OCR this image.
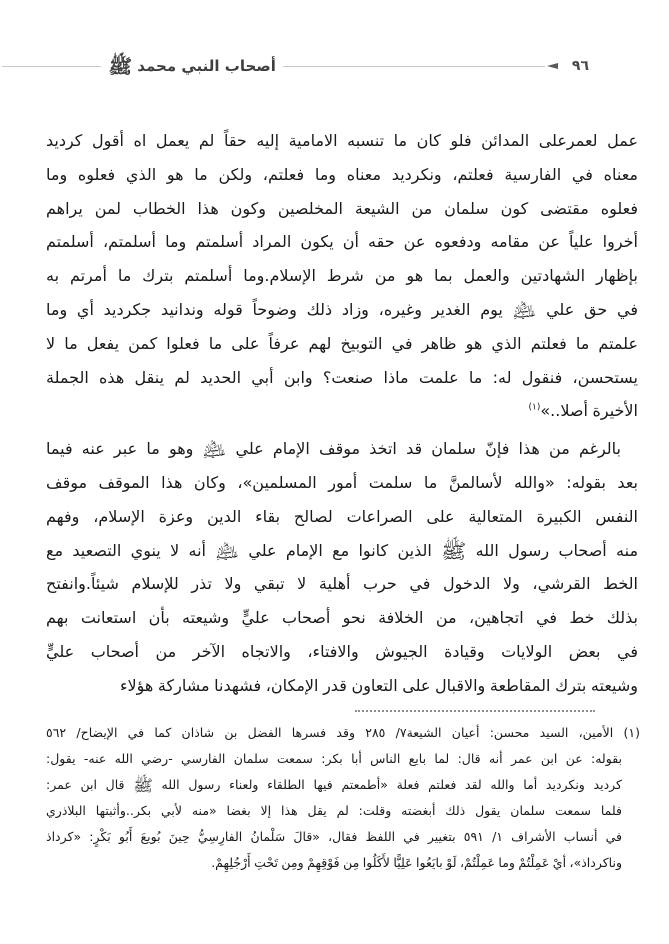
٩٦
أصحاب النبي محمد ﷺ
عمل لعمرعلى المدائن فلو كان ما تنسبه الامامية إليه حقاً لم يعمل اه أقول كرديد
معناه في الفارسية فعلتم، ونكرديد معناه وما فعلتم، ولكن ما هو الذي فعلوه وما
فعلوه مقتضى كون سلمان من الشيعة المخلصين وكون هذا الخطاب لمن يراهم
أخروا علياً عن مقامه ودفعوه عن حقه أن يكون المراد أسلمتم وما أسلمتم، أسلمتم
بإظهار الشهادتين والعمل بما هو من شرط الإسلام.وما أسلمتم بترك ما أمرتم به
في حق علي ﵇ يوم الغدير وغيره، وزاد ذلك وضوحاً قوله وندانيد جكرديد أي وما
علمتم ما فعلتم الذي هو ظاهر في التوبيخ لهم عرفاً على ما فعلوا كمن يفعل ما لا
يستحسن، فنقول له: ما علمت ماذا صنعت؟ وابن أبي الحديد لم ينقل هذه الجملة
الأخيرة أصلا..»$^{(١)}$
بالرغم من هذا فإنّ سلمان قد اتخذ موقف الإمام علي ﵇ وهو ما عبر عنه فيما
بعد بقوله: «والله لأسالمنَّ ما سلمت أمور المسلمين»، وكان هذا الموقف موقف
النفس الكبيرة المتعالية على الصراعات لصالح بقاء الدين وعزة الإسلام، وفهم
منه أصحاب رسول الله ﷺ الذين كانوا مع الإمام علي ﵇ أنه لا ينوي التصعيد مع
الخط القرشي، ولا الدخول في حرب أهلية لا تبقي ولا تذر للإسلام شيئاً.وانفتح
بذلك خط في اتجاهين، من الخلافة نحو أصحاب عليٍّ وشيعته بأن استعانت بهم
في بعض الولايات وقيادة الجيوش والافتاء، والاتجاه الآخر من أصحاب عليٍّ
وشيعته بترك المقاطعة والاقبال على التعاون قدر الإمكان، فشهدنا مشاركة هؤلاء
(١) الأمين، السيد محسن: أعيان الشيعة٧/ ٢٨٥ وقد فسرها الفضل بن شاذان كما في الإيضاح/ ٥٦٢
بقوله: عن ابن عمر أنه قال: لما بايع الناس أبا بكر: سمعت سلمان الفارسي -رضي الله عنه- يقول:
كرديد ونكرديد أما والله لقد فعلتم فعلة «أطمعتم فيها الطلقاء ولعناء رسول الله ﷺ قال ابن عمر:
فلما سمعت سلمان يقول ذلك أبغضته وقلت: لم يقل هذا إلا بغضا «منه لأبي بكر..وأثبتها البلاذري
في أنساب الأشراف ١/ ٥٩١ بتغيير في اللفظ فقال، «قالَ سَلْمانُ الفارِسِيُّ حِينَ بُويعَ أَبُو بَكْرٍ: «كرداذ
وناكرداذ»، أيْ عَمِلْتُمْ وما عَمِلْتُمْ، لَوْ بايَعُوا عَلِيًّا لأَكَلُوا مِن فَوْقِهِمْ ومِن تَحْتِ أَرْجُلِهِمْ.
